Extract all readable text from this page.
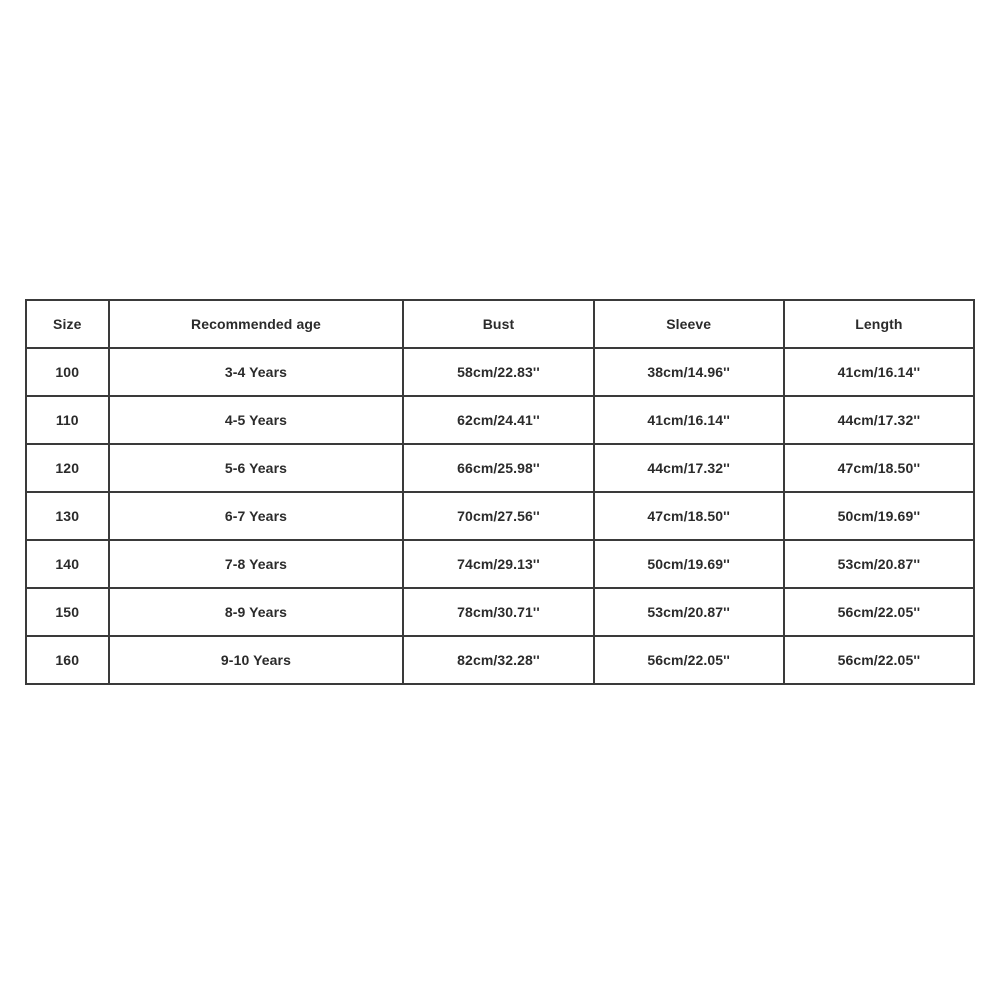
Size	Recommended age	Bust	Sleeve	Length
100	3-4 Years	58cm/22.83''	38cm/14.96''	41cm/16.14''
110	4-5 Years	62cm/24.41''	41cm/16.14''	44cm/17.32''
120	5-6 Years	66cm/25.98''	44cm/17.32''	47cm/18.50''
130	6-7 Years	70cm/27.56''	47cm/18.50''	50cm/19.69''
140	7-8 Years	74cm/29.13''	50cm/19.69''	53cm/20.87''
150	8-9 Years	78cm/30.71''	53cm/20.87''	56cm/22.05''
160	9-10 Years	82cm/32.28''	56cm/22.05''	56cm/22.05''
